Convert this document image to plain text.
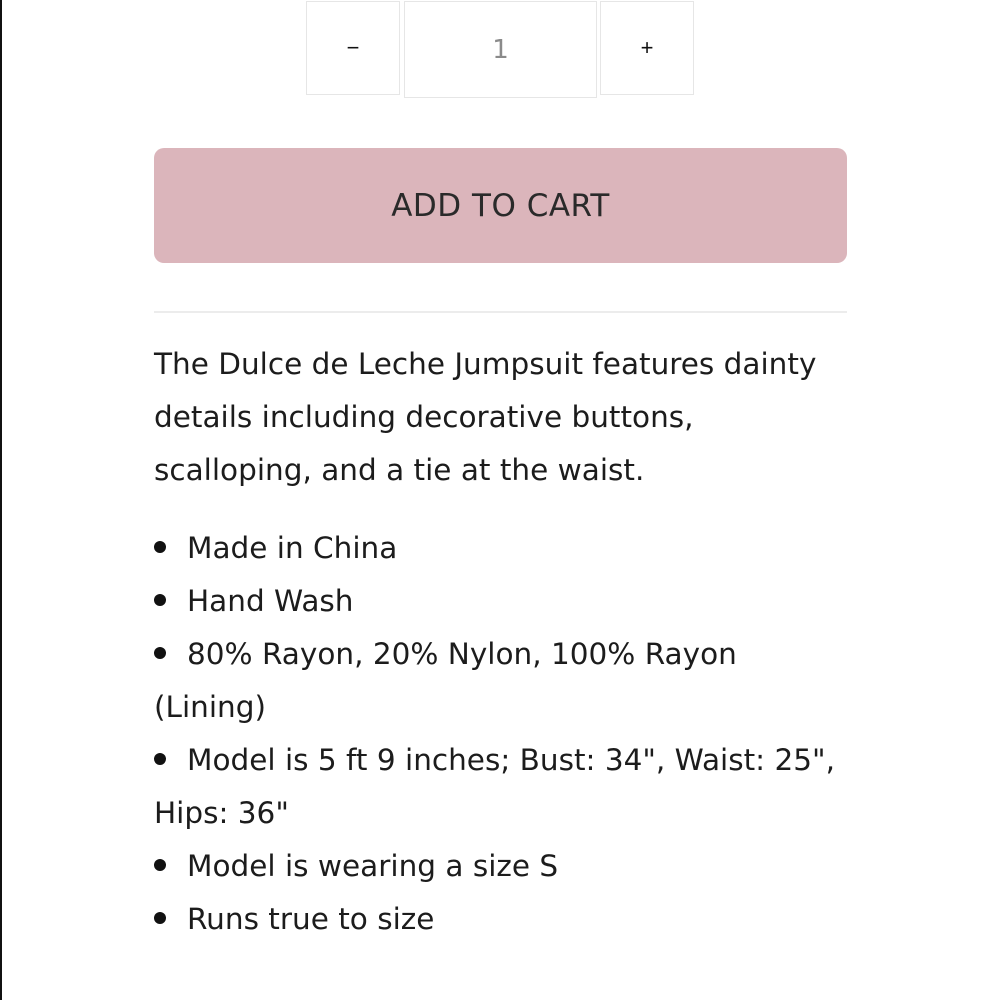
−
1	+
ADD TO CART

The Dulce de Leche Jumpsuit features dainty details including decorative buttons, scalloping, and a tie at the waist.

Made in China
Hand Wash
80% Rayon, 20% Nylon, 100% Rayon (Lining)
Model is 5 ft 9 inches; Bust: 34", Waist: 25", Hips: 36"
Model is wearing a size S
Runs true to size
